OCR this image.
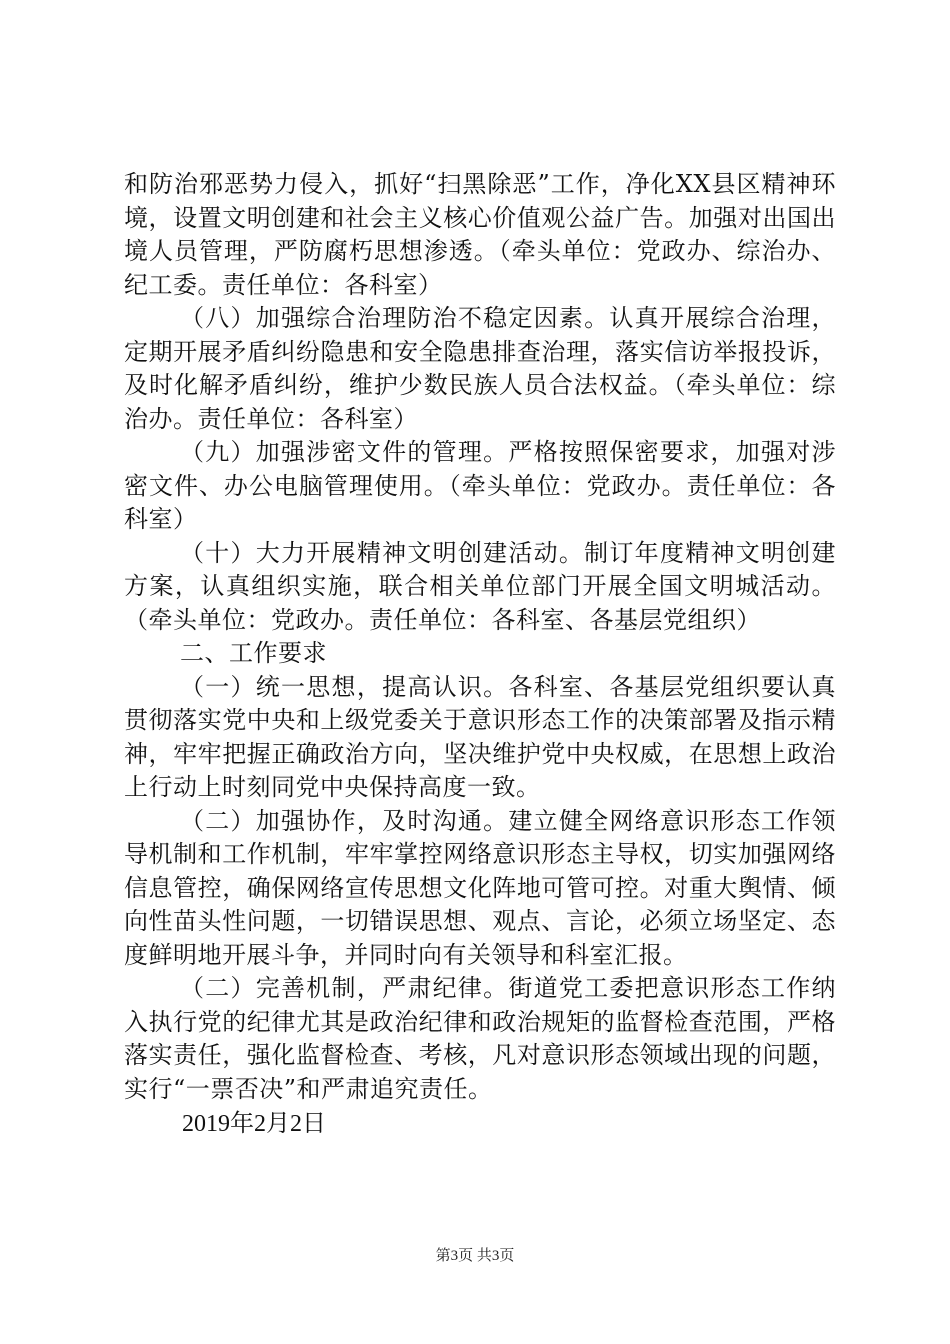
和防治邪恶势力侵入，抓好“扫黑除恶”工作，净化XX县区精神环境，设置文明创建和社会主义核心价值观公益广告。加强对出国出境人员管理，严防腐朽思想渗透。（牵头单位：党政办、综治办、纪工委。责任单位：各科室）

（八）加强综合治理防治不稳定因素。认真开展综合治理，定期开展矛盾纠纷隐患和安全隐患排查治理，落实信访举报投诉，及时化解矛盾纠纷，维护少数民族人员合法权益。（牵头单位：综治办。责任单位：各科室）

（九）加强涉密文件的管理。严格按照保密要求，加强对涉密文件、办公电脑管理使用。（牵头单位：党政办。责任单位：各科室）

（十）大力开展精神文明创建活动。制订年度精神文明创建方案，认真组织实施，联合相关单位部门开展全国文明城活动。（牵头单位：党政办。责任单位：各科室、各基层党组织）

二、工作要求

（一）统一思想，提高认识。各科室、各基层党组织要认真贯彻落实党中央和上级党委关于意识形态工作的决策部署及指示精神，牢牢把握正确政治方向，坚决维护党中央权威，在思想上政治上行动上时刻同党中央保持高度一致。

（二）加强协作，及时沟通。建立健全网络意识形态工作领导机制和工作机制，牢牢掌控网络意识形态主导权，切实加强网络信息管控，确保网络宣传思想文化阵地可管可控。对重大舆情、倾向性苗头性问题，一切错误思想、观点、言论，必须立场坚定、态度鲜明地开展斗争，并同时向有关领导和科室汇报。

（二）完善机制，严肃纪律。街道党工委把意识形态工作纳入执行党的纪律尤其是政治纪律和政治规矩的监督检查范围，严格落实责任，强化监督检查、考核，凡对意识形态领域出现的问题，实行“一票否决”和严肃追究责任。

2019年2月2日

第3页 共3页
